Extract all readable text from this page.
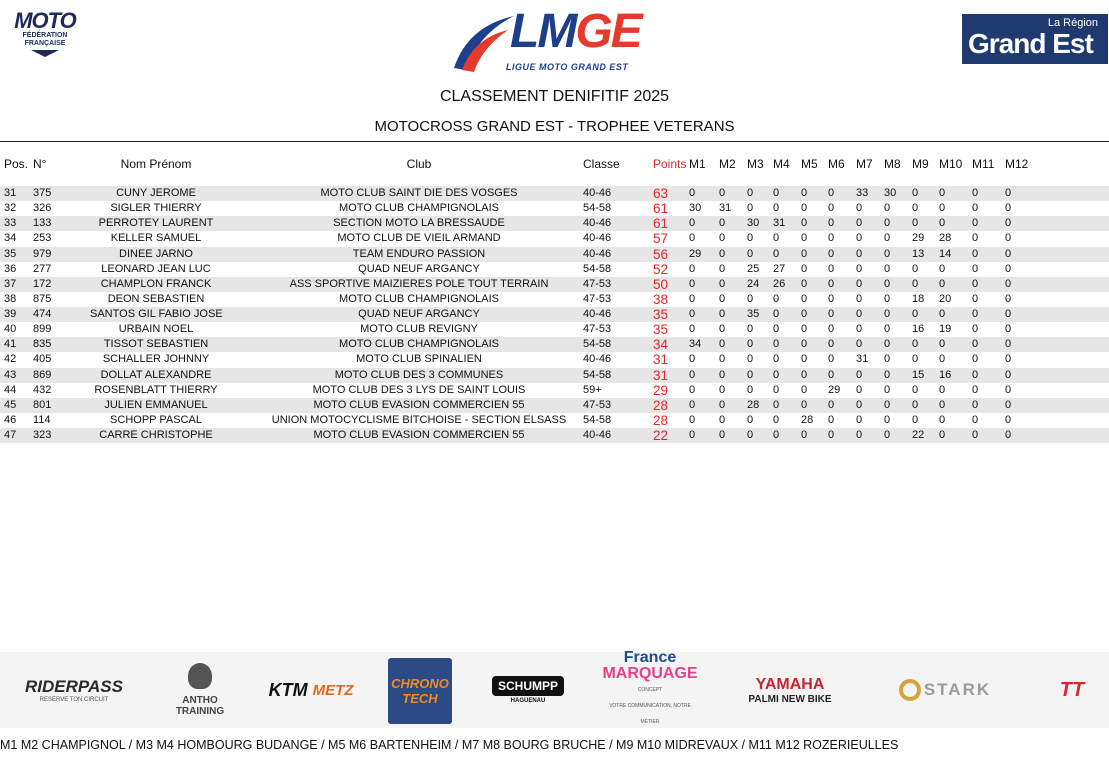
MOTO
FÉDÉRATION FRANÇAISE	LMGE
LIGUE MOTO GRAND EST
La Région
Grand Est
CLASSEMENT DENIFITIF 2025
MOTOCROSS GRAND EST - TROPHEE VETERANS
Pos. N°	Nom Prénom	Club	Classe	Points M1 M2 M3 M4 M5 M6 M7 M8 M9 M10 M11 M12
31 375	CUNY JEROME	MOTO CLUB SAINT DIE DES VOSGES	40-46	63 0 0 0 0 0 0 33 30 0 0 0 0
32 326	SIGLER THIERRY	MOTO CLUB CHAMPIGNOLAIS	54-58	61 30 31 0 0 0 0 0 0 0 0 0 0
33 133	PERROTEY LAURENT	SECTION MOTO LA BRESSAUDE	40-46	61 0 0 30 31 0 0 0 0 0 0 0 0
34 253	KELLER SAMUEL	MOTO CLUB DE VIEIL ARMAND	40-46	57 0 0 0 0 0 0 0 0 29 28 0 0
35 979	DINEE JARNO	TEAM ENDURO PASSION	40-46	56 29 0 0 0 0 0 0 0 13 14 0 0
36 277	LEONARD JEAN LUC	QUAD NEUF ARGANCY	54-58	52 0 0 25 27 0 0 0 0 0 0 0 0
37 172	CHAMPLON FRANCK	ASS SPORTIVE MAIZIERES POLE TOUT TERRAIN	47-53	50 0 0 24 26 0 0 0 0 0 0 0 0
38 875	DEON SEBASTIEN	MOTO CLUB CHAMPIGNOLAIS	47-53	38 0 0 0 0 0 0 0 0 18 20 0 0
39 474	SANTOS GIL FABIO JOSE	QUAD NEUF ARGANCY	40-46	35 0 0 35 0 0 0 0 0 0 0 0 0
40 899	URBAIN NOEL	MOTO CLUB REVIGNY	47-53	35 0 0 0 0 0 0 0 0 16 19 0 0
41 835	TISSOT SEBASTIEN	MOTO CLUB CHAMPIGNOLAIS	54-58	34 34 0 0 0 0 0 0 0 0 0 0 0
42 405	SCHALLER JOHNNY	MOTO CLUB SPINALIEN	40-46	31 0 0 0 0 0 0 31 0 0 0 0 0
43 869	DOLLAT ALEXANDRE	MOTO CLUB DES 3 COMMUNES	54-58	31 0 0 0 0 0 0 0 0 15 16 0 0
44 432	ROSENBLATT THIERRY	MOTO CLUB DES 3 LYS DE SAINT LOUIS	59+	29 0 0 0 0 0 29 0 0 0 0 0 0
45 801	JULIEN EMMANUEL	MOTO CLUB EVASION COMMERCIEN 55	47-53	28 0 0 28 0 0 0 0 0 0 0 0 0
46 114	SCHOPP PASCAL	UNION MOTOCYCLISME BITCHOISE - SECTION ELSASS	54-58	28 0 0 0 0 28 0 0 0 0 0 0 0
47 323	CARRE CHRISTOPHE	MOTO CLUB EVASION COMMERCIEN 55	40-46	22 0 0 0 0 0 0 0 0 22 0 0 0
RIDERPASS
RESERVE TON CIRCUIT	ANTHO TRAINING
KTM
METZ	CHRONO
TECH
SCHUMPP
HAGUENAU
France
MARQUAGE
CONCEPT
VOTRE COMMUNICATION, NOTRE MÉTIER
YAMAHA
PALMI NEW BIKE	STARK	TT
M1 M2 CHAMPIGNOL / M3 M4 HOMBOURG BUDANGE / M5 M6 BARTENHEIM / M7 M8 BOURG BRUCHE / M9 M10 MIDREVAUX / M11 M12 ROZERIEULLES
